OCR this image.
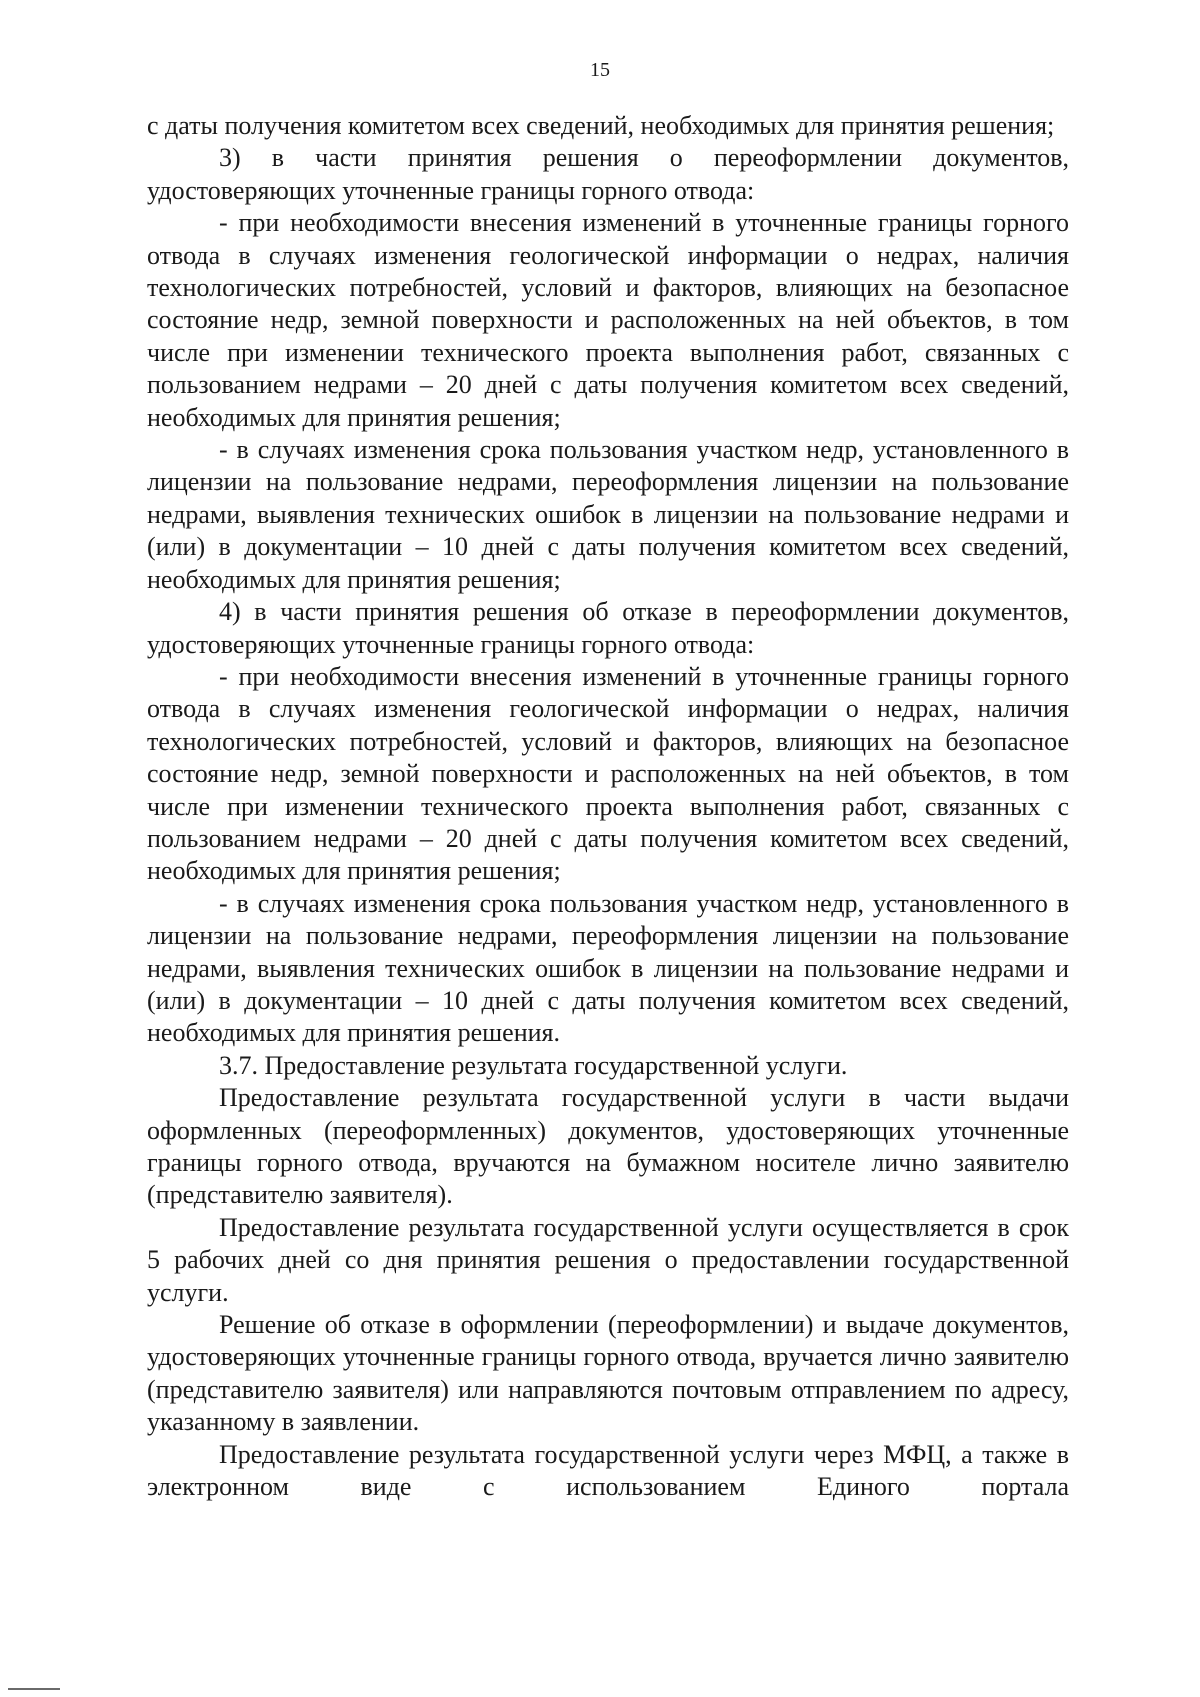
15

с даты получения комитетом всех сведений, необходимых для принятия решения;

3) в части принятия решения о переоформлении документов, удостоверяющих уточненные границы горного отвода:

- при необходимости внесения изменений в уточненные границы горного отвода в случаях изменения геологической информации о недрах, наличия технологических потребностей, условий и факторов, влияющих на безопасное состояние недр, земной поверхности и расположенных на ней объектов, в том числе при изменении технического проекта выполнения работ, связанных с пользованием недрами – 20 дней с даты получения комитетом всех сведений, необходимых для принятия решения;

- в случаях изменения срока пользования участком недр, установленного в лицензии на пользование недрами, переоформления лицензии на пользование недрами, выявления технических ошибок в лицензии на пользование недрами и (или) в документации – 10 дней с даты получения комитетом всех сведений, необходимых для принятия решения;

4) в части принятия решения об отказе в переоформлении документов, удостоверяющих уточненные границы горного отвода:

- при необходимости внесения изменений в уточненные границы горного отвода в случаях изменения геологической информации о недрах, наличия технологических потребностей, условий и факторов, влияющих на безопасное состояние недр, земной поверхности и расположенных на ней объектов, в том числе при изменении технического проекта выполнения работ, связанных с пользованием недрами – 20 дней с даты получения комитетом всех сведений, необходимых для принятия решения;

- в случаях изменения срока пользования участком недр, установленного в лицензии на пользование недрами, переоформления лицензии на пользование недрами, выявления технических ошибок в лицензии на пользование недрами и (или) в документации – 10 дней с даты получения комитетом всех сведений, необходимых для принятия решения.

3.7. Предоставление результата государственной услуги.

Предоставление результата государственной услуги в части выдачи оформленных (переоформленных) документов, удостоверяющих уточненные границы горного отвода, вручаются на бумажном носителе лично заявителю (представителю заявителя).

Предоставление результата государственной услуги осуществляется в срок 5 рабочих дней со дня принятия решения о предоставлении государственной услуги.

Решение об отказе в оформлении (переоформлении) и выдаче документов, удостоверяющих уточненные границы горного отвода, вручается лично заявителю (представителю заявителя) или направляются почтовым отправлением по адресу, указанному в заявлении.

Предоставление результата государственной услуги через МФЦ, а также в электронном виде с использованием Единого портала
